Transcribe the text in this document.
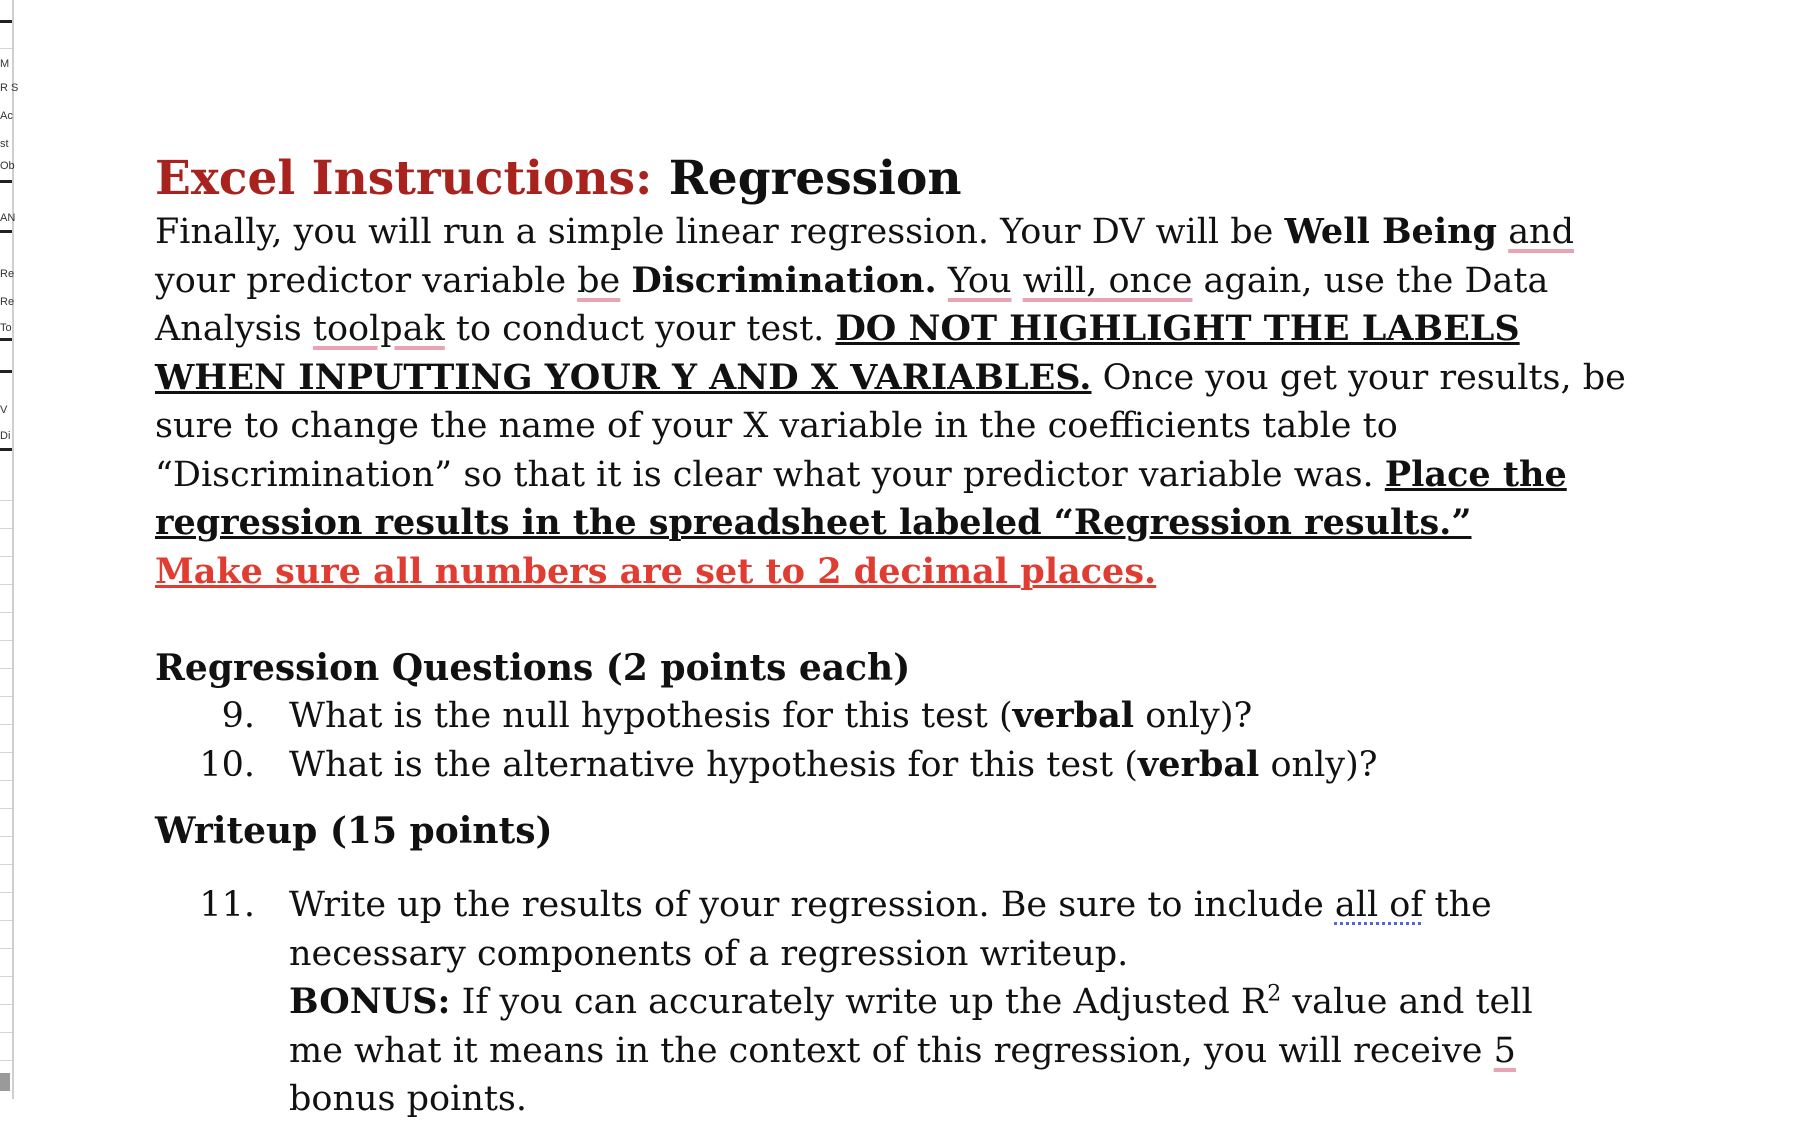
M
R S
Ac
st
Ob
AN
Re
Re
To
V
Di
Excel Instructions: Regression

Finally, you will run a simple linear regression. Your DV will be Well Being and your predictor variable be Discrimination. You will, once again, use the Data Analysis toolpak to conduct your test. DO NOT HIGHLIGHT THE LABELS WHEN INPUTTING YOUR Y AND X VARIABLES. Once you get your results, be sure to change the name of your X variable in the coefficients table to “Discrimination” so that it is clear what your predictor variable was. Place the regression results in the spreadsheet labeled “Regression results.”
Make sure all numbers are set to 2 decimal places.

Regression Questions (2 points each)
9. What is the null hypothesis for this test (verbal only)?
10. What is the alternative hypothesis for this test (verbal only)?
Writeup (15 points)
11. Write up the results of your regression. Be sure to include all of the necessary components of a regression writeup.
BONUS: If you can accurately write up the Adjusted $R^2$ value and tell me what it means in the context of this regression, you will receive 5 bonus points.
